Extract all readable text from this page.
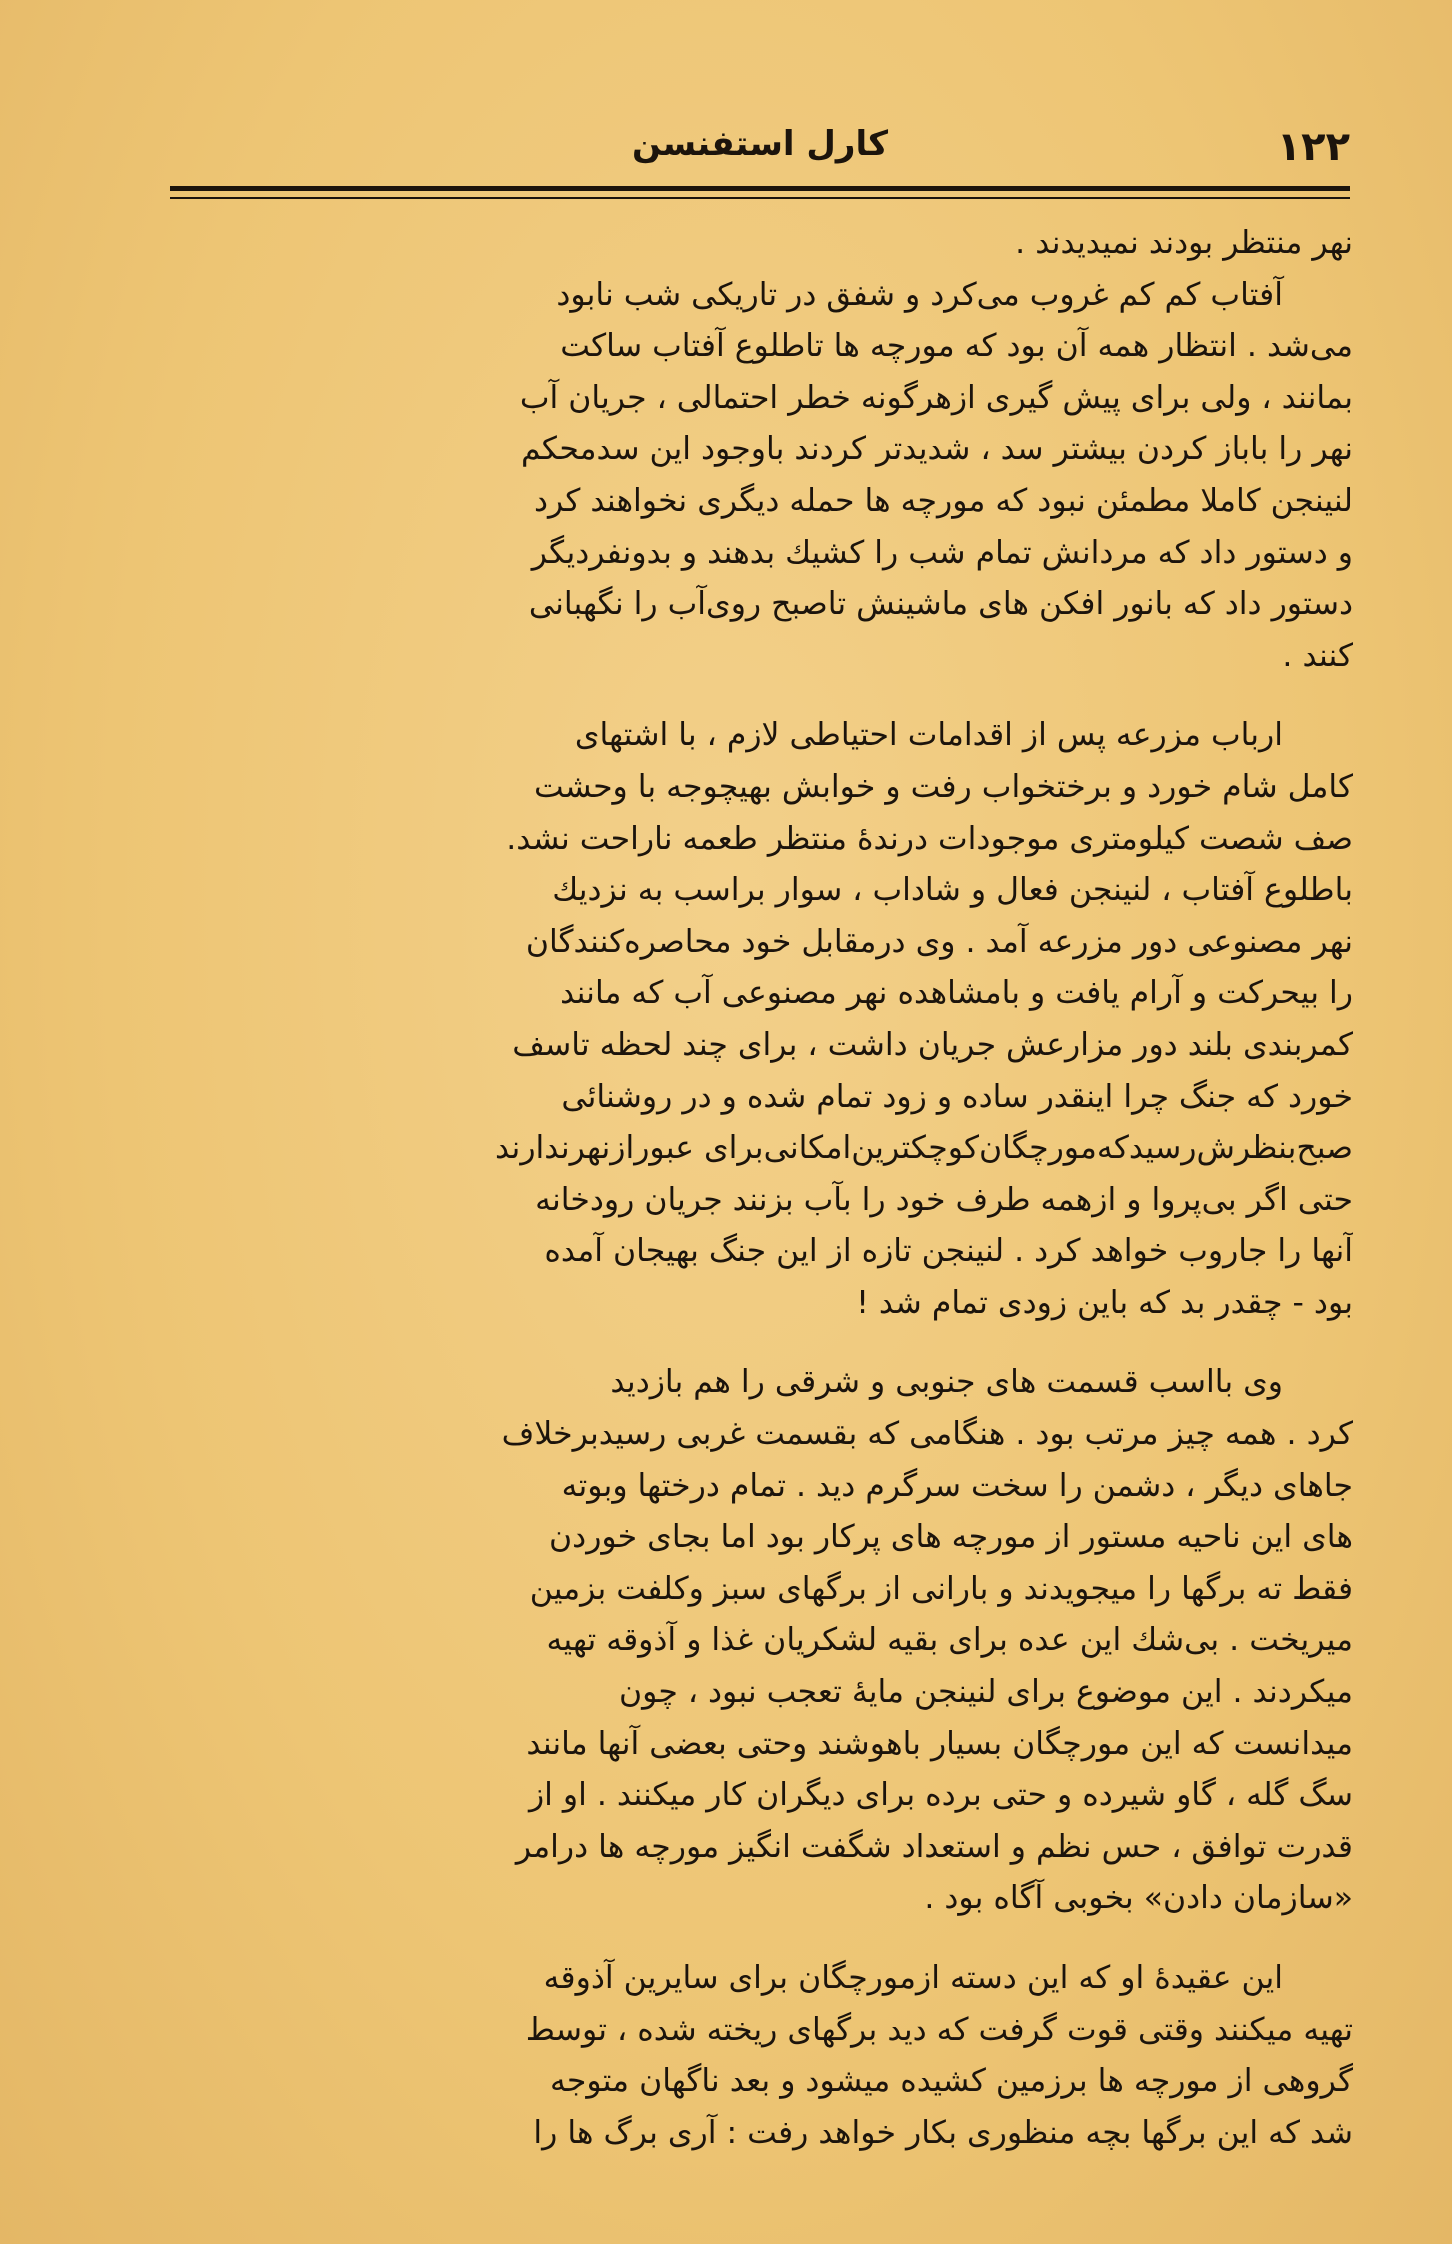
۱۲۲
کارل استفنسن
نهر منتظر بودند نمیدیدند .
آفتاب کم کم غروب می‌کرد و شفق در تاریکی شب نابود
می‌شد . انتظار همه آن بود که مورچه ها تاطلوع آفتاب ساکت
بمانند ، ولی برای پیش گیری ازهرگونه خطر احتمالی ، جریان آب
نهر را باباز کردن بیشتر سد ، شدیدتر کردند باوجود این سدمحکم
لنینجن کاملا مطمئن نبود که مورچه ها حمله دیگری نخواهند کرد
و دستور داد که مردانش تمام شب را کشیك بدهند و بدونفردیگر
دستور داد که بانور افکن های ماشینش تاصبح روی‌آب را نگهبانی
کنند .
ارباب مزرعه پس از اقدامات احتیاطی لازم ، با اشتهای
کامل شام خورد و برختخواب رفت و خوابش بهیچوجه با وحشت
صف شصت کیلومتری موجودات درندهٔ منتظر طعمه ناراحت نشد.
باطلوع آفتاب ، لنینجن فعال و شاداب ، سوار براسب به نزدیك
نهر مصنوعی دور مزرعه آمد . وی درمقابل خود محاصره‌کنندگان
را بیحرکت و آرام یافت و بامشاهده نهر مصنوعی آب که مانند
کمربندی بلند دور مزارعش جریان داشت ، برای چند لحظه تاسف
خورد که جنگ چرا اینقدر ساده و زود تمام شده و در روشنائی
صبح‌بنظرش‌رسید‌که‌مورچگان‌کوچکترین‌امکانی‌برای عبورازنهرندارند
حتی اگر بی‌پروا و ازهمه طرف خود را بآب بزنند جریان رودخانه
آنها را جاروب خواهد کرد . لنینجن تازه از این جنگ بهیجان آمده
بود - چقدر بد که باین زودی تمام شد !
وی بااسب قسمت های جنوبی و شرقی را هم بازدید
کرد . همه چیز مرتب بود . هنگامی که بقسمت غربی رسیدبرخلاف
جاهای دیگر ، دشمن را سخت سرگرم دید . تمام درختها وبوته
های این ناحیه مستور از مورچه های پرکار بود اما بجای خوردن
فقط ته برگها را میجویدند و بارانی از برگهای سبز وکلفت بزمین
میریخت . بی‌شك این عده برای بقیه لشکریان غذا و آذوقه تهیه
میکردند . این موضوع برای لنینجن مایهٔ تعجب نبود ، چون
میدانست که این مورچگان بسیار باهوشند وحتی بعضی آنها مانند
سگ گله ، گاو شیرده و حتی برده برای دیگران کار میکنند . او از
قدرت توافق ، حس نظم و استعداد شگفت انگیز مورچه ها درامر
«سازمان دادن» بخوبی آگاه بود .
این عقیدهٔ او که این دسته ازمورچگان برای سایرین آذوقه
تهیه میکنند وقتی قوت گرفت که دید برگهای ریخته شده ، توسط
گروهی از مورچه ها برزمین کشیده میشود و بعد ناگهان متوجه
شد که این برگها بچه منظوری بکار خواهد رفت : آری برگ ها را
